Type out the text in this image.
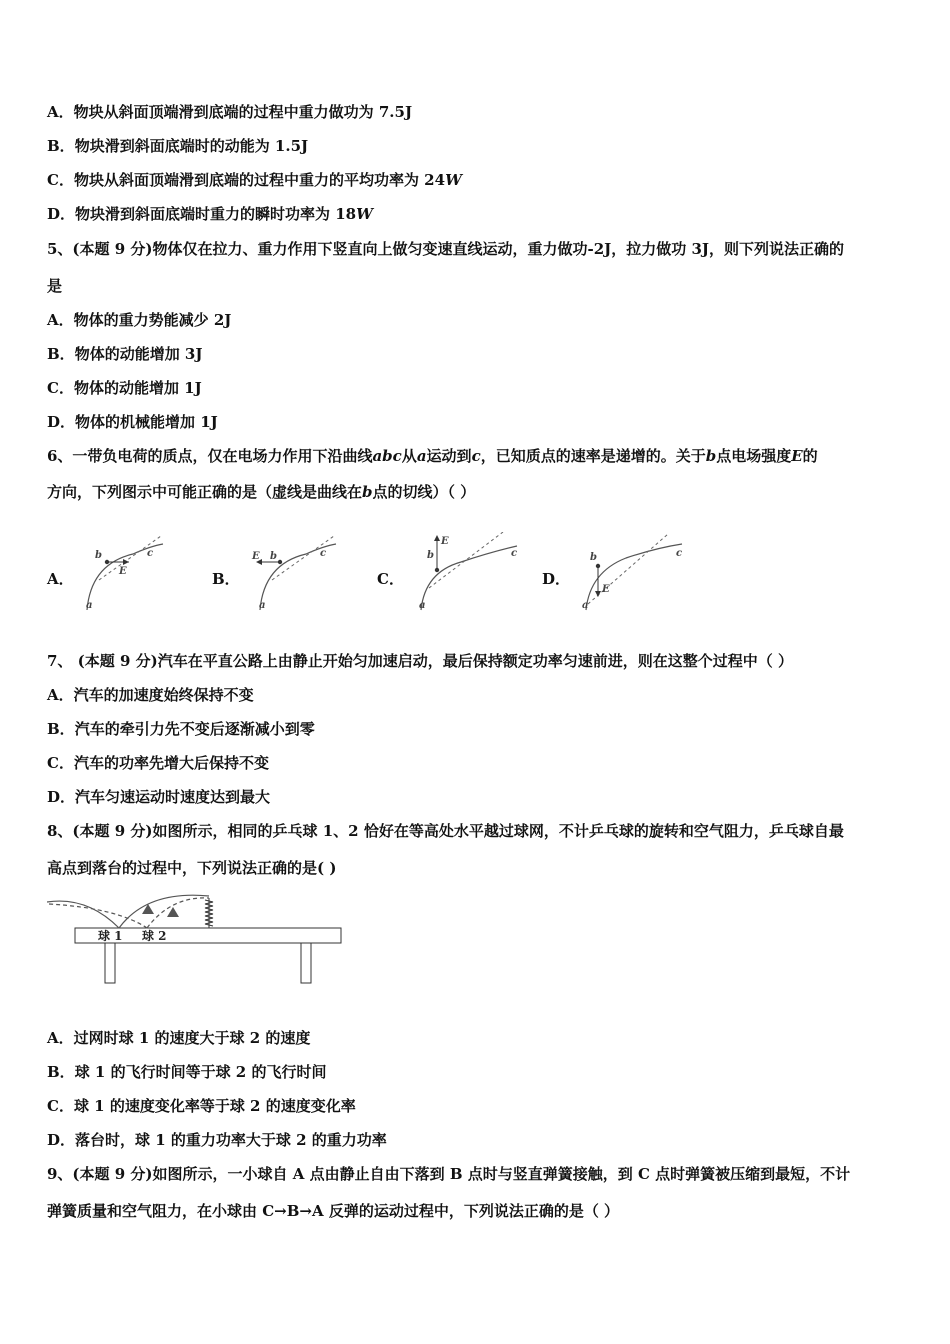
A．物块从斜面顶端滑到底端的过程中重力做功为 7.5J
B．物块滑到斜面底端时的动能为 1.5J
C．物块从斜面顶端滑到底端的过程中重力的平均功率为 24W
D．物块滑到斜面底端时重力的瞬时功率为 18W
5、(本题 9 分)物体仅在拉力、重力作用下竖直向上做匀变速直线运动，重力做功-2J，拉力做功 3J，则下列说法正确的
是
A．物体的重力势能减少 2J
B．物体的动能增加 3J
C．物体的动能增加 1J
D．物体的机械能增加 1J
6、一带负电荷的质点，仅在电场力作用下沿曲线abc从a运动到c，已知质点的速率是递增的。关于b点电场强度E的
方向，下列图示中可能正确的是（虚线是曲线在b点的切线）（ ）
A．
a
b	c
E	B．
a
b	c
E
C．
a
b	c
E
D．
a
b	c
E
7、 (本题 9 分)汽车在平直公路上由静止开始匀加速启动，最后保持额定功率匀速前进，则在这整个过程中（ ）
A．汽车的加速度始终保持不变
B．汽车的牵引力先不变后逐渐减小到零
C．汽车的功率先增大后保持不变
D．汽车匀速运动时速度达到最大
8、(本题 9 分)如图所示，相同的乒乓球 1、2 恰好在等高处水平越过球网，不计乒乓球的旋转和空气阻力，乒乓球自最
高点到落台的过程中，下列说法正确的是( )
球 1 球 2
A．过网时球 1 的速度大于球 2 的速度
B．球 1 的飞行时间等于球 2 的飞行时间
C．球 1 的速度变化率等于球 2 的速度变化率
D．落台时，球 1 的重力功率大于球 2 的重力功率
9、(本题 9 分)如图所示，一小球自 A 点由静止自由下落到 B 点时与竖直弹簧接触，到 C 点时弹簧被压缩到最短，不计
弹簧质量和空气阻力，在小球由 C→B→A 反弹的运动过程中，下列说法正确的是（ ）
